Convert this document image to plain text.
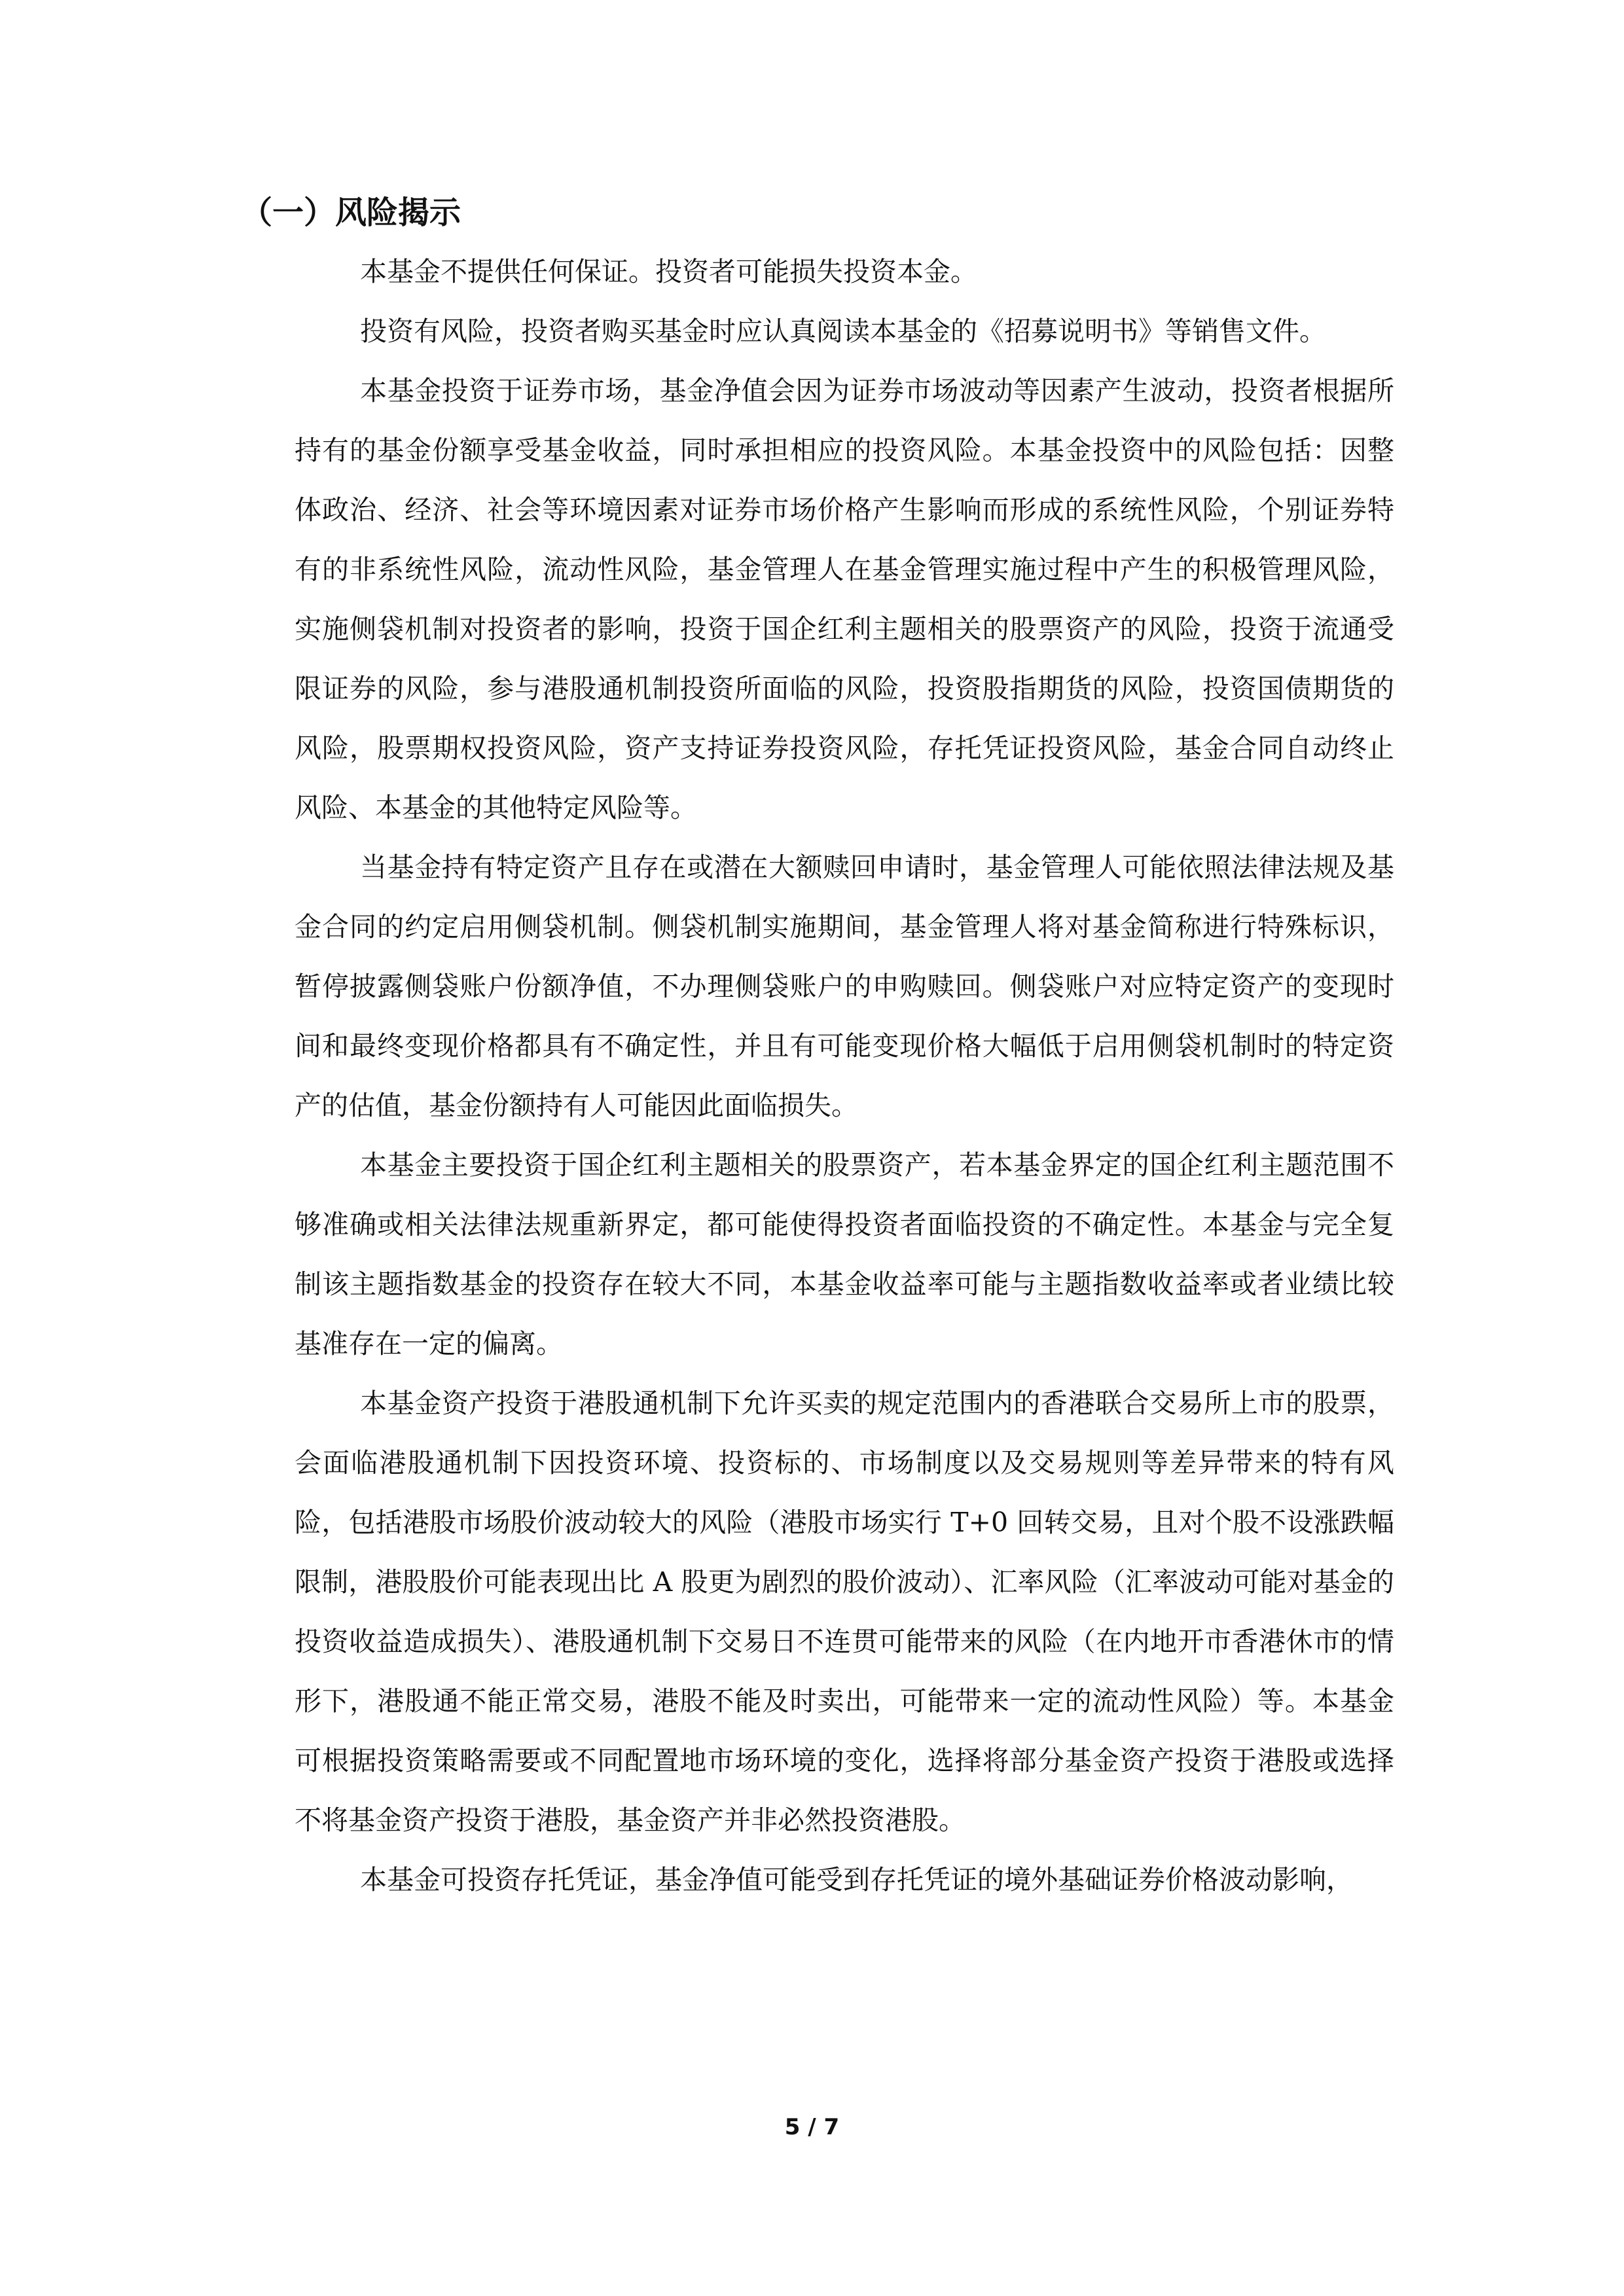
（一）风险揭示

本基金不提供任何保证。投资者可能损失投资本金。

投资有风险，投资者购买基金时应认真阅读本基金的《招募说明书》等销售文件。

本基金投资于证券市场，基金净值会因为证券市场波动等因素产生波动，投资者根据所持有的基金份额享受基金收益，同时承担相应的投资风险。本基金投资中的风险包括：因整体政治、经济、社会等环境因素对证券市场价格产生影响而形成的系统性风险，个别证券特有的非系统性风险，流动性风险，基金管理人在基金管理实施过程中产生的积极管理风险，实施侧袋机制对投资者的影响，投资于国企红利主题相关的股票资产的风险，投资于流通受限证券的风险，参与港股通机制投资所面临的风险，投资股指期货的风险，投资国债期货的风险，股票期权投资风险，资产支持证券投资风险，存托凭证投资风险，基金合同自动终止风险、本基金的其他特定风险等。

当基金持有特定资产且存在或潜在大额赎回申请时，基金管理人可能依照法律法规及基金合同的约定启用侧袋机制。侧袋机制实施期间，基金管理人将对基金简称进行特殊标识，暂停披露侧袋账户份额净值，不办理侧袋账户的申购赎回。侧袋账户对应特定资产的变现时间和最终变现价格都具有不确定性，并且有可能变现价格大幅低于启用侧袋机制时的特定资产的估值，基金份额持有人可能因此面临损失。

本基金主要投资于国企红利主题相关的股票资产，若本基金界定的国企红利主题范围不够准确或相关法律法规重新界定，都可能使得投资者面临投资的不确定性。本基金与完全复制该主题指数基金的投资存在较大不同，本基金收益率可能与主题指数收益率或者业绩比较基准存在一定的偏离。

本基金资产投资于港股通机制下允许买卖的规定范围内的香港联合交易所上市的股票，会面临港股通机制下因投资环境、投资标的、市场制度以及交易规则等差异带来的特有风险，包括港股市场股价波动较大的风险（港股市场实行 T+0 回转交易，且对个股不设涨跌幅限制，港股股价可能表现出比 A 股更为剧烈的股价波动）、汇率风险（汇率波动可能对基金的投资收益造成损失）、港股通机制下交易日不连贯可能带来的风险（在内地开市香港休市的情形下，港股通不能正常交易，港股不能及时卖出，可能带来一定的流动性风险）等。本基金可根据投资策略需要或不同配置地市场环境的变化，选择将部分基金资产投资于港股或选择不将基金资产投资于港股，基金资产并非必然投资港股。

本基金可投资存托凭证，基金净值可能受到存托凭证的境外基础证券价格波动影响，

5 / 7
